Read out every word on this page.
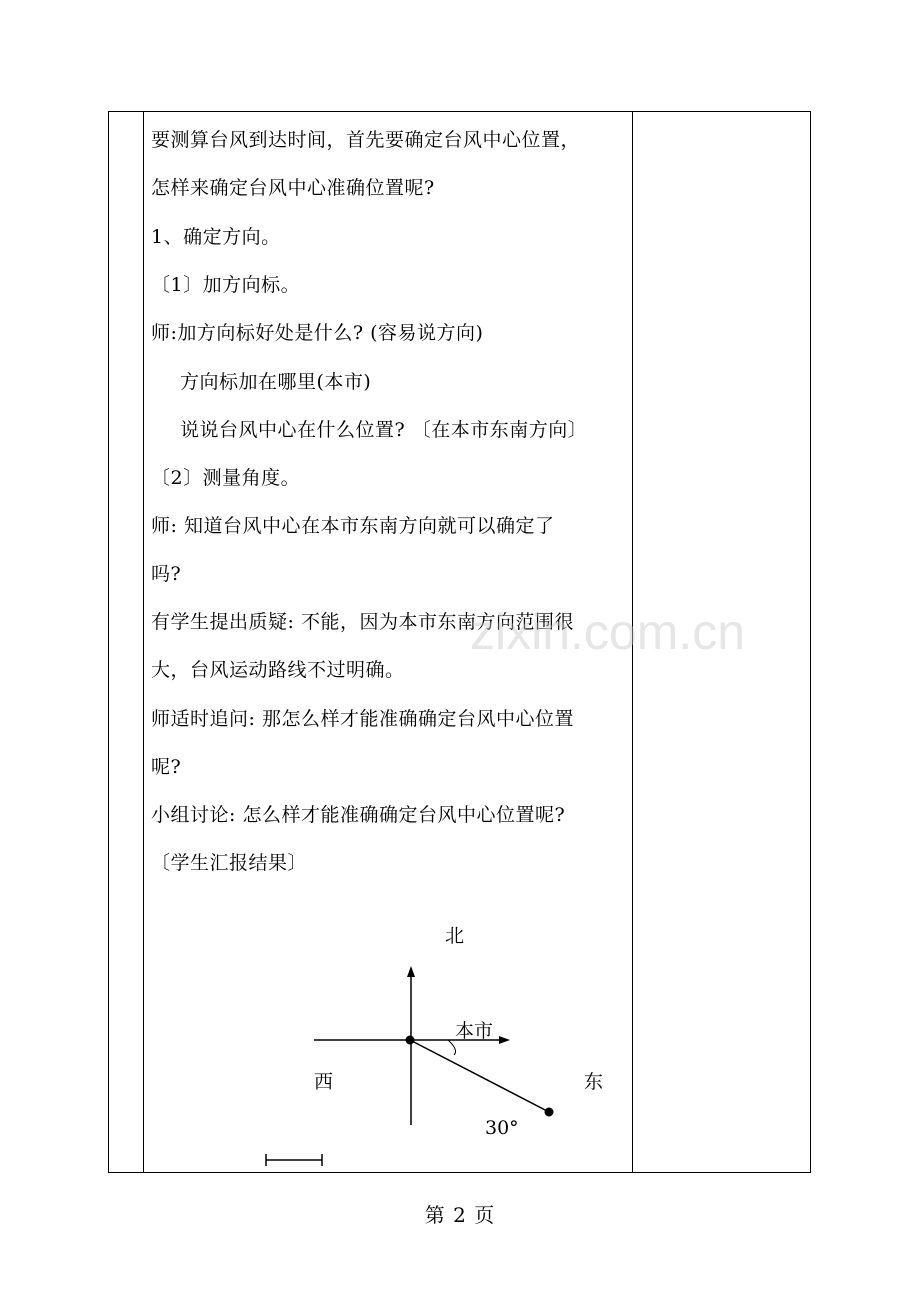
要测算台风到达时间，首先要确定台风中心位置，
怎样来确定台风中心准确位置呢?
1、确定方向。
〔1〕加方向标。
师:加方向标好处是什么? (容易说方向)
方向标加在哪里(本市)
说说台风中心在什么位置? 〔在本市东南方向〕
〔2〕测量角度。
师: 知道台风中心在本市东南方向就可以确定了
吗?
有学生提出质疑: 不能，因为本市东南方向范围很
大，台风运动路线不过明确。
师适时追问: 那怎么样才能准确确定台风中心位置
呢?
小组讨论: 怎么样才能准确确定台风中心位置呢?
〔学生汇报结果〕
zixin.com.cn
北
本市
西	东
30°
第 2 页
